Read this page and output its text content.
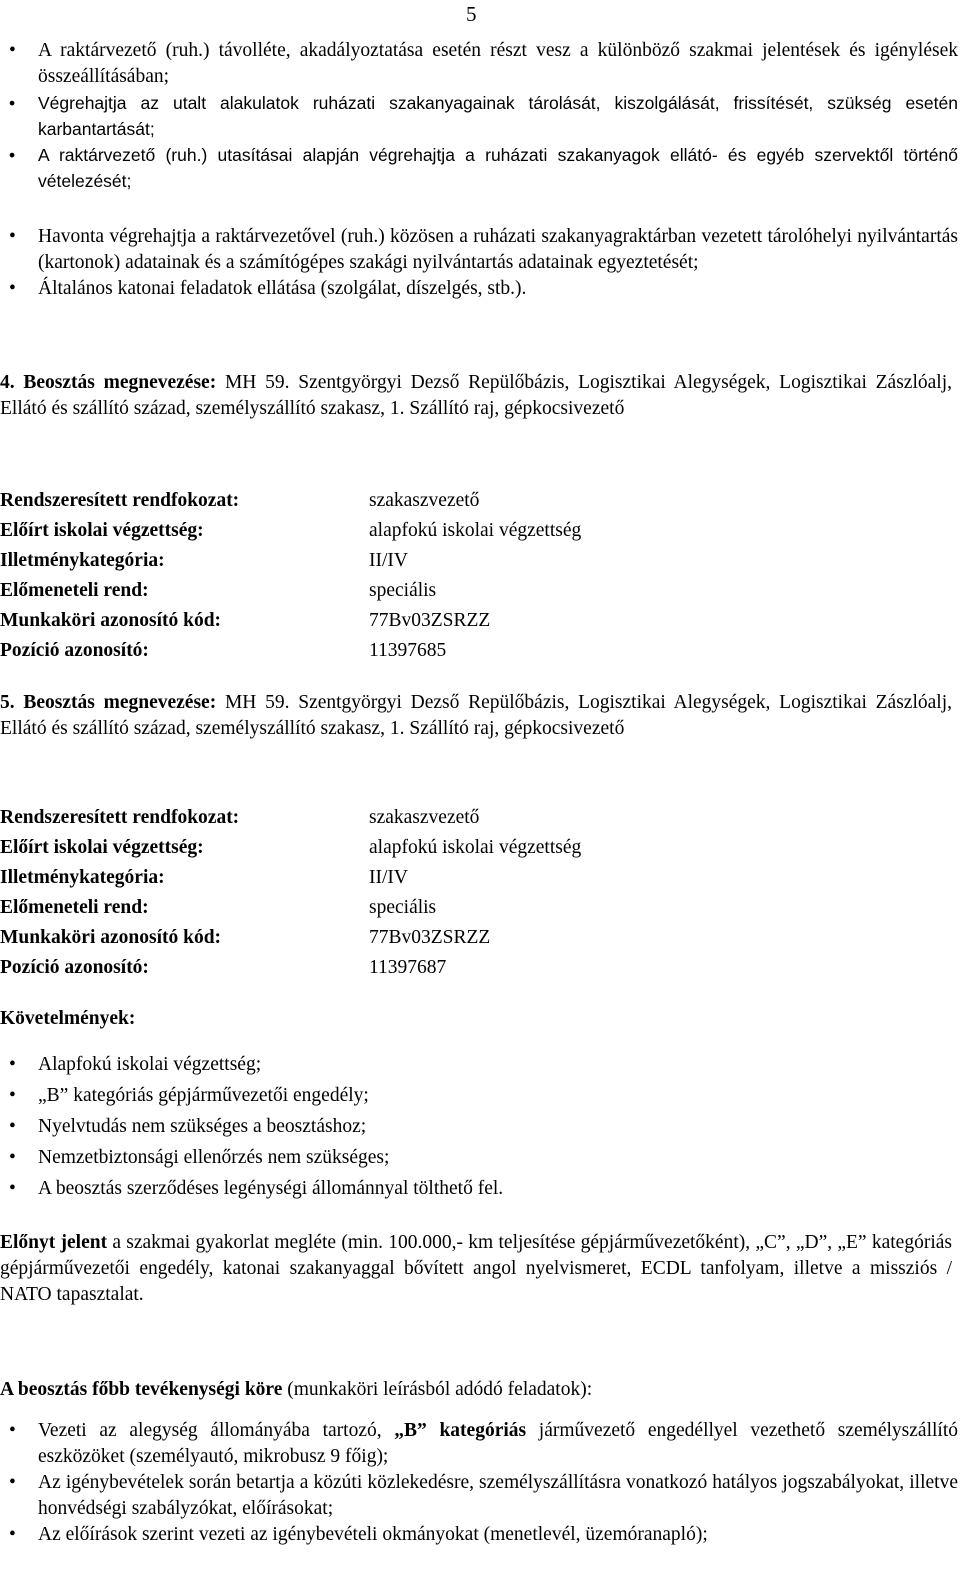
5
• A raktárvezető (ruh.) távolléte, akadályoztatása esetén részt vesz a különböző szakmai jelentések és igénylések összeállításában;
• Végrehajtja az utalt alakulatok ruházati szakanyagainak tárolását, kiszolgálását, frissítését, szükség esetén karbantartását;
• A raktárvezető (ruh.) utasításai alapján végrehajtja a ruházati szakanyagok ellátó- és egyéb szervektől történő vételezését;
• Havonta végrehajtja a raktárvezetővel (ruh.) közösen a ruházati szakanyagraktárban vezetett tárolóhelyi nyilvántartás (kartonok) adatainak és a számítógépes szakági nyilvántartás adatainak egyeztetését;
• Általános katonai feladatok ellátása (szolgálat, díszelgés, stb.).

4. Beosztás megnevezése: MH 59. Szentgyörgyi Dezső Repülőbázis, Logisztikai Alegységek, Logisztikai Zászlóalj, Ellátó és szállító század, személyszállító szakasz, 1. Szállító raj, gépkocsivezető

Rendszeresített rendfokozat:	szakaszvezető
Előírt iskolai végzettség:	alapfokú iskolai végzettség
Illetménykategória:	II/IV
Előmeneteli rend:	speciális
Munkaköri azonosító kód:	77Bv03ZSRZZ
Pozíció azonosító:	11397685

5. Beosztás megnevezése: MH 59. Szentgyörgyi Dezső Repülőbázis, Logisztikai Alegységek, Logisztikai Zászlóalj, Ellátó és szállító század, személyszállító szakasz, 1. Szállító raj, gépkocsivezető

Rendszeresített rendfokozat:	szakaszvezető
Előírt iskolai végzettség:	alapfokú iskolai végzettség
Illetménykategória:	II/IV
Előmeneteli rend:	speciális
Munkaköri azonosító kód:	77Bv03ZSRZZ
Pozíció azonosító:	11397687

Követelmények:

• Alapfokú iskolai végzettség;
• „B” kategóriás gépjárművezetői engedély;
• Nyelvtudás nem szükséges a beosztáshoz;
• Nemzetbiztonsági ellenőrzés nem szükséges;
• A beosztás szerződéses legénységi állománnyal tölthető fel.

Előnyt jelent a szakmai gyakorlat megléte (min. 100.000,- km teljesítése gépjárművezetőként), „C”, „D”, „E” kategóriás gépjárművezetői engedély, katonai szakanyaggal bővített angol nyelvismeret, ECDL tanfolyam, illetve a missziós / NATO tapasztalat.

A beosztás főbb tevékenységi köre (munkaköri leírásból adódó feladatok):

• Vezeti az alegység állományába tartozó, „B” kategóriás járművezető engedéllyel vezethető személyszállító eszközöket (személyautó, mikrobusz 9 főig);
• Az igénybevételek során betartja a közúti közlekedésre, személyszállításra vonatkozó hatályos jogszabályokat, illetve honvédségi szabályzókat, előírásokat;
• Az előírások szerint vezeti az igénybevételi okmányokat (menetlevél, üzemóranapló);
